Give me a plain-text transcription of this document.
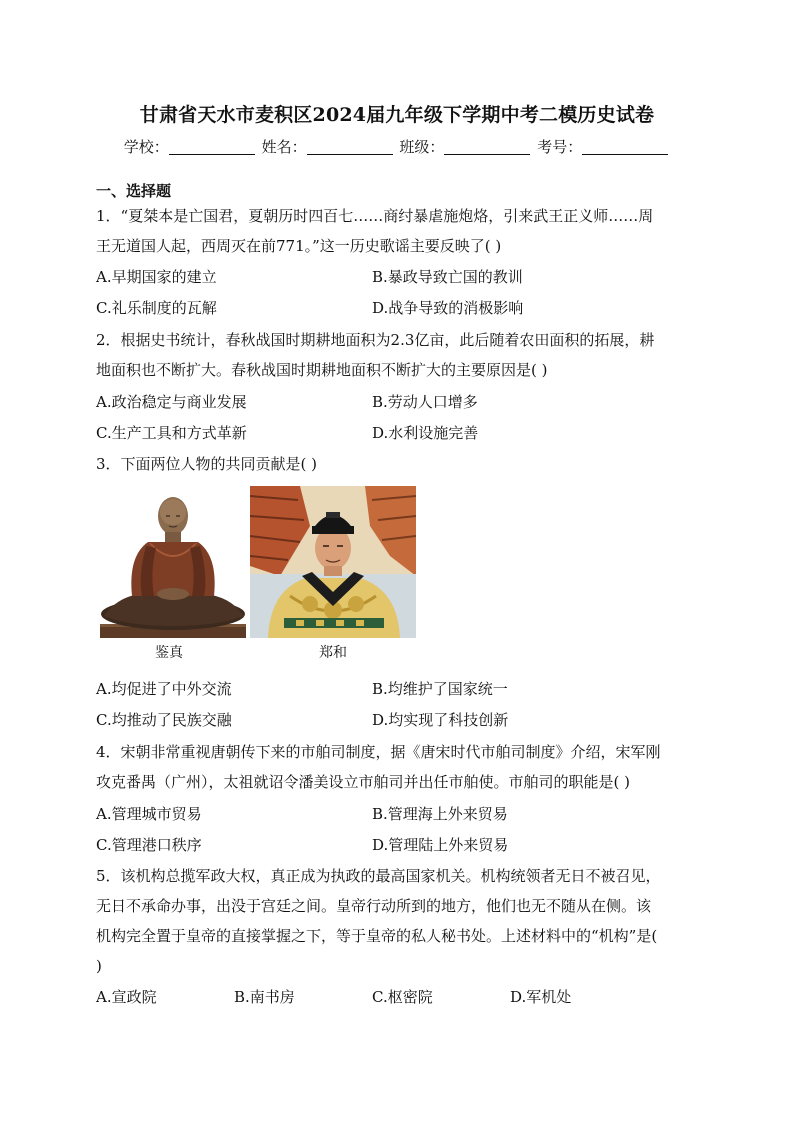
甘肃省天水市麦积区2024届九年级下学期中考二模历史试卷
学校：	姓名：	班级：	考号：
一、选择题
1．“夏桀本是亡国君，夏朝历时四百七……商纣暴虐施炮烙，引来武王正义师……周
王无道国人起，西周灭在前771。”这一历史歌谣主要反映了( )
A.早期国家的建立	B.暴政导致亡国的教训
C.礼乐制度的瓦解	D.战争导致的消极影响
2．根据史书统计，春秋战国时期耕地面积为2.3亿亩，此后随着农田面积的拓展，耕
地面积也不断扩大。春秋战国时期耕地面积不断扩大的主要原因是( )
A.政治稳定与商业发展	B.劳动人口增多
C.生产工具和方式革新	D.水利设施完善
3．下面两位人物的共同贡献是( )
鉴真	郑和
A.均促进了中外交流	B.均维护了国家统一
C.均推动了民族交融	D.均实现了科技创新
4．宋朝非常重视唐朝传下来的市舶司制度，据《唐宋时代市舶司制度》介绍，宋军刚
攻克番禺（广州），太祖就诏令潘美设立市舶司并出任市舶使。市舶司的职能是( )
A.管理城市贸易	B.管理海上外来贸易
C.管理港口秩序	D.管理陆上外来贸易
5．该机构总揽军政大权，真正成为执政的最高国家机关。机构统领者无日不被召见，
无日不承命办事，出没于宫廷之间。皇帝行动所到的地方，他们也无不随从在侧。该
机构完全置于皇帝的直接掌握之下，等于皇帝的私人秘书处。上述材料中的“机构”是(
)
A.宣政院	B.南书房	C.枢密院	D.军机处
